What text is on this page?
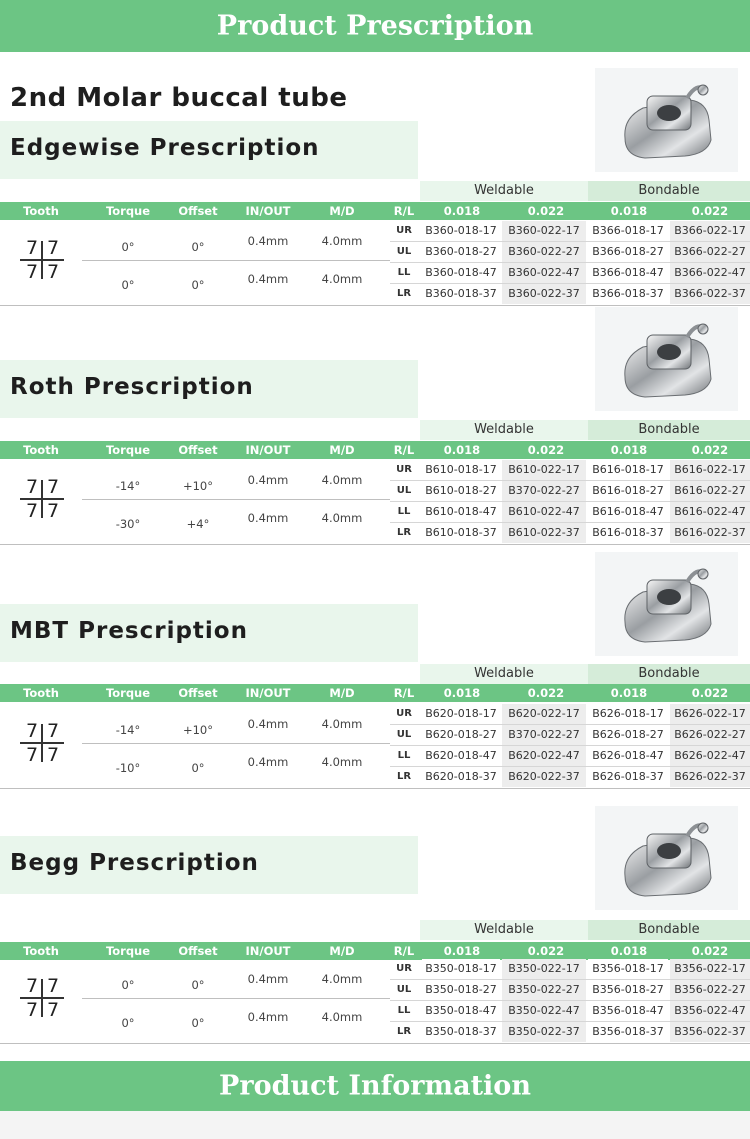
Product Prescription
2nd Molar buccal tube
Edgewise Prescription
Weldable	Bondable
Tooth	Torque	Offset	IN/OUT	M/D	R/L	0.018	0.022	0.018	0.022
7 7
7 7
0°	0°	0.4mm	4.0mm
0°	0°	0.4mm	4.0mm
UR	B360-018-17	B360-022-17	B366-018-17 B366-022-17
UL	B360-018-27	B360-022-27	B366-018-27 B366-022-27
LL	B360-018-47	B360-022-47	B366-018-47 B366-022-47
LR	B360-018-37	B360-022-37	B366-018-37 B366-022-37
Roth Prescription
Weldable	Bondable
Tooth	Torque	Offset	IN/OUT	M/D	R/L	0.018	0.022	0.018	0.022
7 7
7 7
-14°	+10°	0.4mm	4.0mm
-30°	+4°	0.4mm	4.0mm
UR	B610-018-17	B610-022-17	B616-018-17 B616-022-17
UL	B610-018-27	B370-022-27	B616-018-27 B616-022-27
LL	B610-018-47	B610-022-47	B616-018-47 B616-022-47
LR	B610-018-37	B610-022-37	B616-018-37 B616-022-37
MBT Prescription
Weldable	Bondable
Tooth	Torque	Offset	IN/OUT	M/D	R/L	0.018	0.022	0.018	0.022
7 7
7 7
-14°	+10°	0.4mm	4.0mm
-10°	0°	0.4mm	4.0mm
UR	B620-018-17	B620-022-17	B626-018-17 B626-022-17
UL	B620-018-27	B370-022-27	B626-018-27 B626-022-27
LL	B620-018-47	B620-022-47	B626-018-47 B626-022-47
LR	B620-018-37	B620-022-37	B626-018-37 B626-022-37
Begg Prescription
Weldable	Bondable
Tooth	Torque	Offset	IN/OUT	M/D	R/L	0.018	0.022	0.018	0.022
7 7
7 7
0°	0°	0.4mm	4.0mm
0°	0°	0.4mm	4.0mm
UR	B350-018-17	B350-022-17	B356-018-17 B356-022-17
UL	B350-018-27	B350-022-27	B356-018-27 B356-022-27
LL	B350-018-47	B350-022-47	B356-018-47 B356-022-47
LR	B350-018-37	B350-022-37	B356-018-37 B356-022-37
Product Information
